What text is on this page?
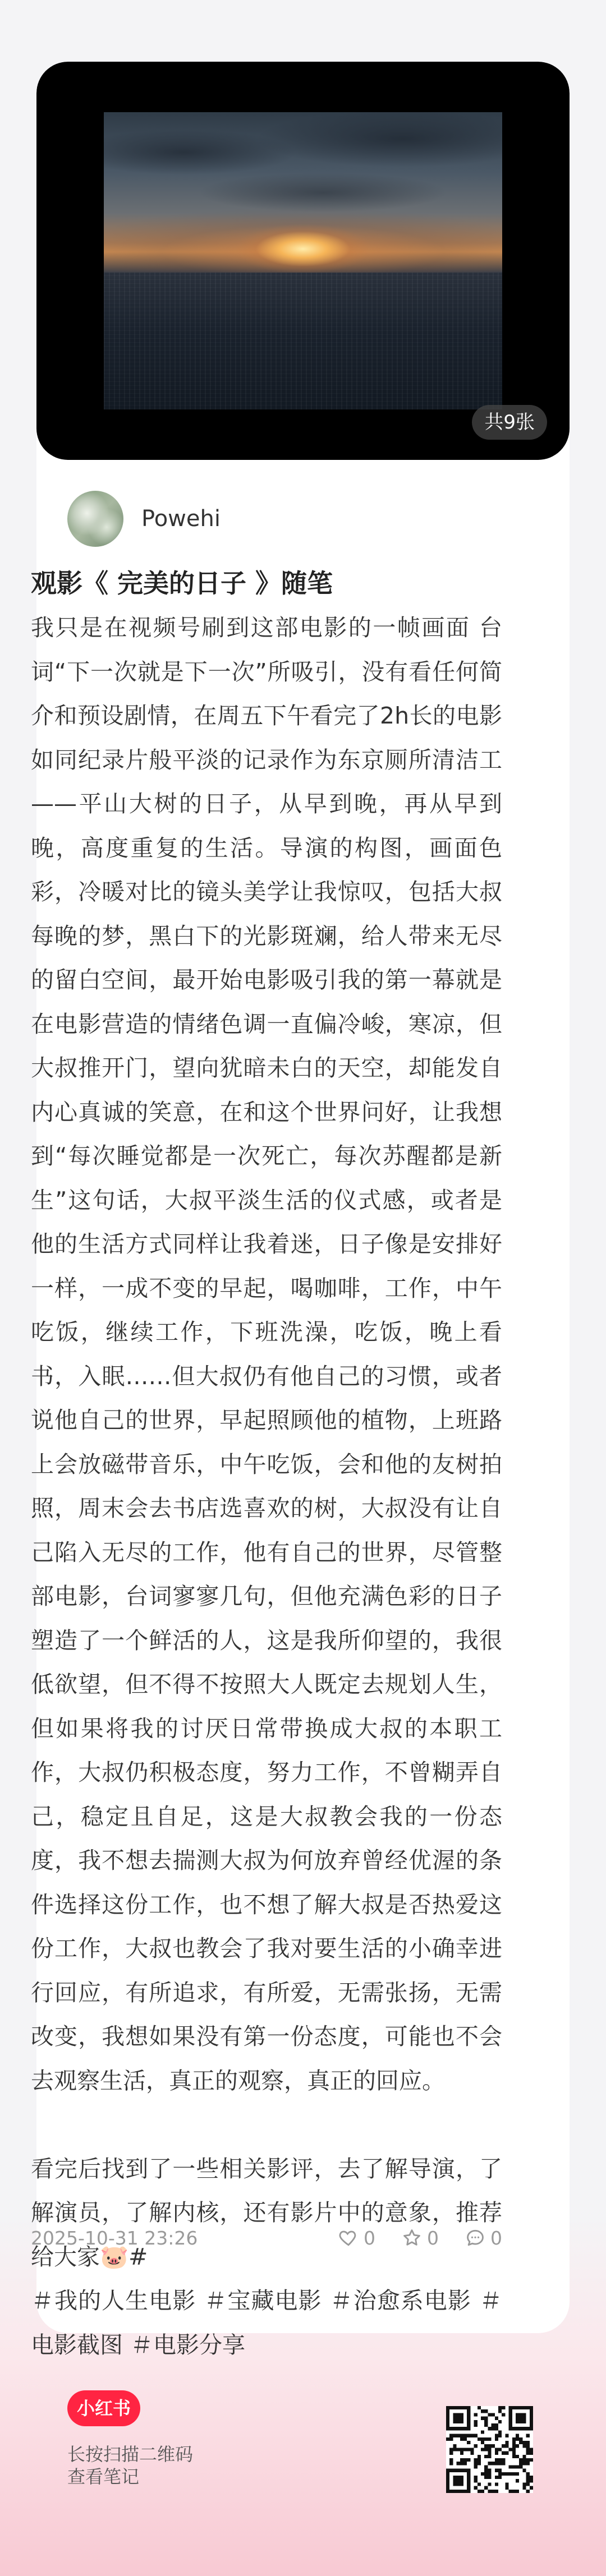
共9张
Powehi
观影《 完美的日子 》随笔

我只是在视频号刷到这部电影的一帧画面 台词“下一次就是下一次”所吸引，没有看任何简介和预设剧情，在周五下午看完了2h长的电影如同纪录片般平淡的记录作为东京厕所清洁工——平山大树的日子，从早到晚，再从早到晚，高度重复的生活。导演的构图，画面色彩，冷暖对比的镜头美学让我惊叹，包括大叔每晚的梦，黑白下的光影斑斓，给人带来无尽的留白空间，最开始电影吸引我的第一幕就是在电影营造的情绪色调一直偏冷峻，寒凉，但大叔推开门，望向犹暗未白的天空，却能发自内心真诚的笑意，在和这个世界问好，让我想到“每次睡觉都是一次死亡，每次苏醒都是新生”这句话，大叔平淡生活的仪式感，或者是他的生活方式同样让我着迷，日子像是安排好一样，一成不变的早起，喝咖啡，工作，中午吃饭，继续工作，下班洗澡，吃饭，晚上看书，入眠……但大叔仍有他自己的习惯，或者说他自己的世界，早起照顾他的植物，上班路上会放磁带音乐，中午吃饭，会和他的友树拍照，周末会去书店选喜欢的树，大叔没有让自己陷入无尽的工作，他有自己的世界，尽管整部电影，台词寥寥几句，但他充满色彩的日子塑造了一个鲜活的人，这是我所仰望的，我很低欲望，但不得不按照大人既定去规划人生，但如果将我的讨厌日常带换成大叔的本职工作，大叔仍积极态度，努力工作，不曾糊弄自己，稳定且自足，这是大叔教会我的一份态度，我不想去揣测大叔为何放弃曾经优渥的条件选择这份工作，也不想了解大叔是否热爱这份工作，大叔也教会了我对要生活的小确幸进行回应，有所追求，有所爱，无需张扬，无需改变，我想如果没有第一份态度，可能也不会去观察生活，真正的观察，真正的回应。

看完后找到了一些相关影评，去了解导演，了解演员，了解内核，还有影片中的意象，推荐给大家🐷#

＃我的人生电影 ＃宝藏电影 ＃治愈系电影 ＃电影截图 ＃电影分享

2025-10-31 23:26	0	0	0
小红书
长按扫描二维码
查看笔记
